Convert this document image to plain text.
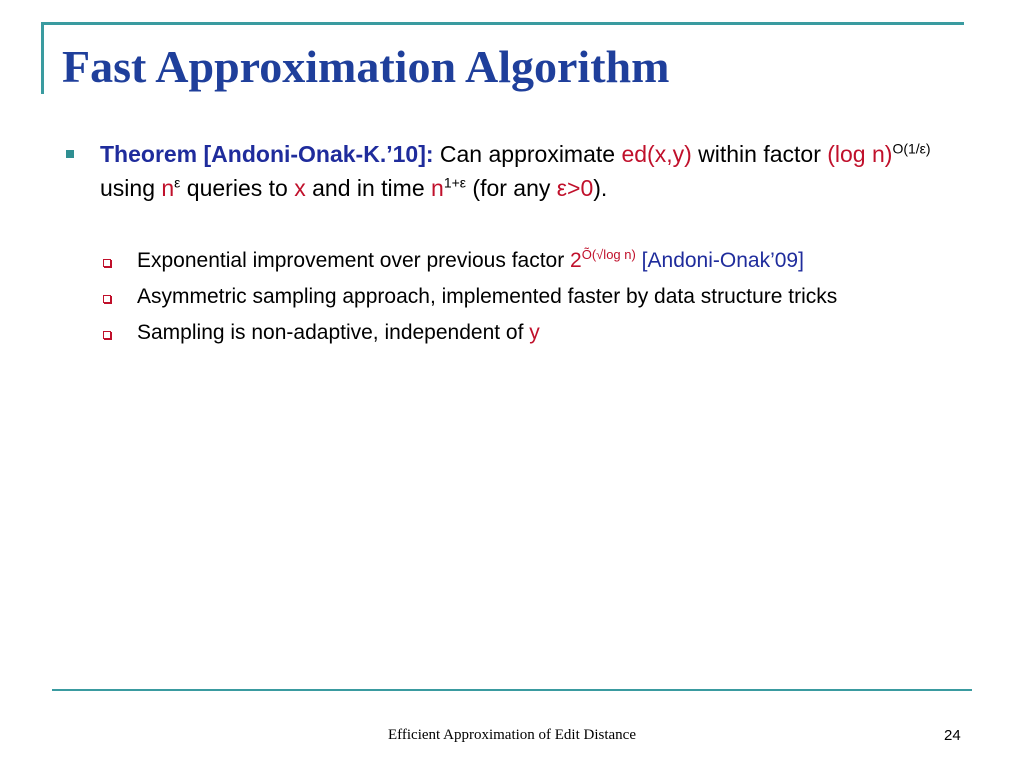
Fast Approximation Algorithm
Theorem [Andoni-Onak-K.’10]: Can approximate ed(x,y) within factor (log n)$^{O(1/\varepsilon)}$ using $n^\varepsilon$ queries to x and in time $n^{1+\varepsilon}$ (for any ε>0).
Exponential improvement over previous factor $2^{Õ(√log n)}$ [Andoni-Onak’09]
Asymmetric sampling approach, implemented faster by data structure tricks
Sampling is non-adaptive, independent of y
Efficient Approximation of Edit Distance	24
